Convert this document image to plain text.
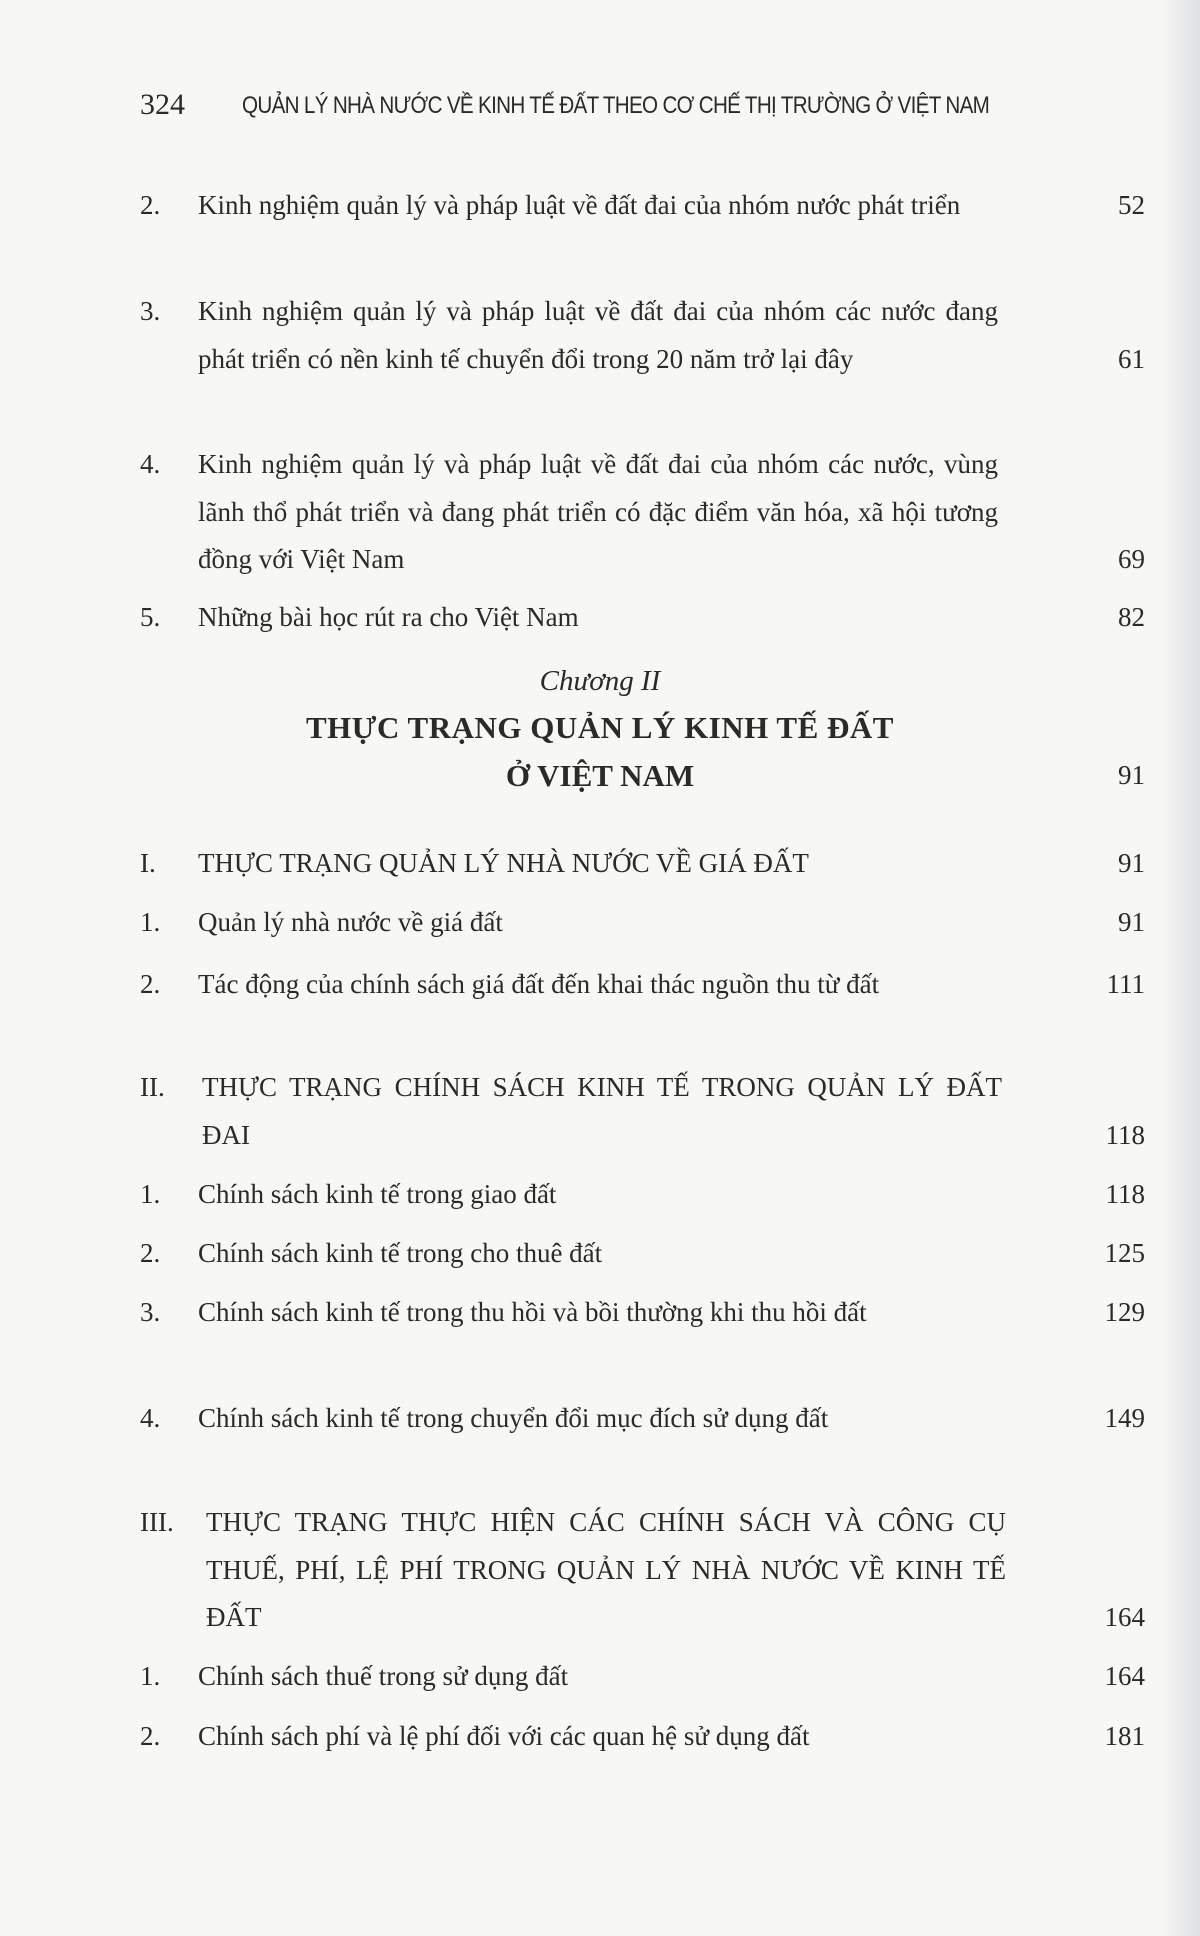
324 QUẢN LÝ NHÀ NƯỚC VỀ KINH TẾ ĐẤT THEO CƠ CHẾ THỊ TRƯỜNG Ở VIỆT NAM
2. Kinh nghiệm quản lý và pháp luật về đất đai của nhóm nước phát triển	52
3. Kinh nghiệm quản lý và pháp luật về đất đai của nhóm các nước đang phát triển có nền kinh tế chuyển đổi trong 20 năm trở lại đây	61
4. Kinh nghiệm quản lý và pháp luật về đất đai của nhóm các nước, vùng lãnh thổ phát triển và đang phát triển có đặc điểm văn hóa, xã hội tương đồng với Việt Nam	69
5. Những bài học rút ra cho Việt Nam	82
Chương II
THỰC TRẠNG QUẢN LÝ KINH TẾ ĐẤT
Ở VIỆT NAM	91
I. THỰC TRẠNG QUẢN LÝ NHÀ NƯỚC VỀ GIÁ ĐẤT	91
1. Quản lý nhà nước về giá đất	91
2. Tác động của chính sách giá đất đến khai thác nguồn thu từ đất	111
II. THỰC TRẠNG CHÍNH SÁCH KINH TẾ TRONG QUẢN LÝ ĐẤT ĐAI	118
1. Chính sách kinh tế trong giao đất	118
2. Chính sách kinh tế trong cho thuê đất	125
3. Chính sách kinh tế trong thu hồi và bồi thường khi thu hồi đất	129
4. Chính sách kinh tế trong chuyển đổi mục đích sử dụng đất	149
III. THỰC TRẠNG THỰC HIỆN CÁC CHÍNH SÁCH VÀ CÔNG CỤ THUẾ, PHÍ, LỆ PHÍ TRONG QUẢN LÝ NHÀ NƯỚC VỀ KINH TẾ ĐẤT	164
1. Chính sách thuế trong sử dụng đất	164
2. Chính sách phí và lệ phí đối với các quan hệ sử dụng đất	181
